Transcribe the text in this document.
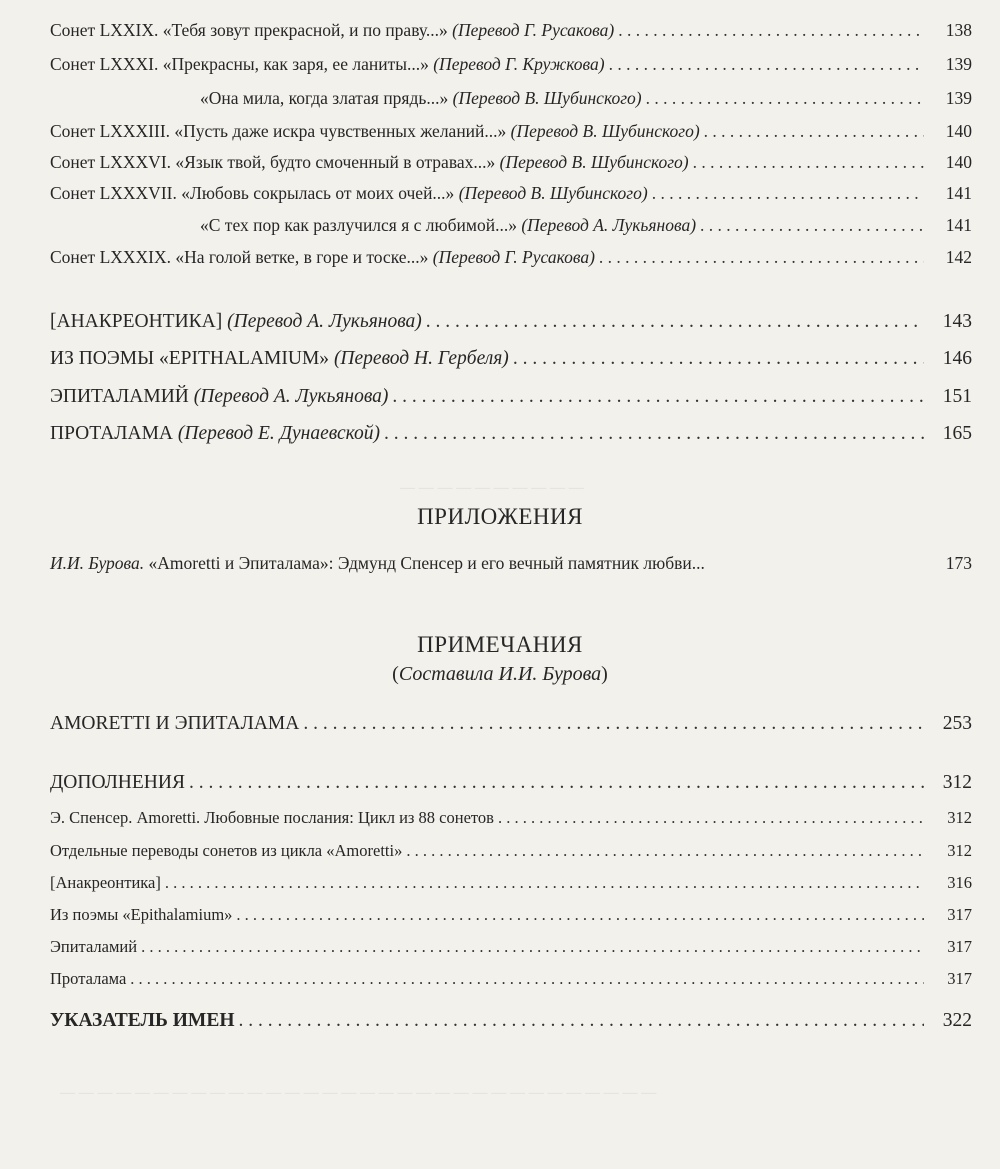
— — — — — — — — — —
— — — — — — — — — — — — — — — — — — — — — — — — — — — — — — — —
Сонет LXXIX. «Тебя зовут прекрасной, и по праву...» (Перевод Г. Русакова) . . .	138
Сонет LXXXI. «Прекрасны, как заря, ее ланиты...» (Перевод Г. Кружкова) . . .	139
«Она мила, когда златая прядь...» (Перевод В. Шубинского) . . .	139
Сонет LXXXIII. «Пусть даже искра чувственных желаний...» (Перевод В. Шубинского) . . .	140
Сонет LXXXVI. «Язык твой, будто смоченный в отравах...» (Перевод В. Шубинского) . . .	140
Сонет LXXXVII. «Любовь сокрылась от моих очей...» (Перевод В. Шубинского) . . .	141
«С тех пор как разлучился я с любимой...» (Перевод А. Лукьянова) . . .	141
Сонет LXXXIX. «На голой ветке, в горе и тоске...» (Перевод Г. Русакова) . . .	142
[АНАКРЕОНТИКА] (Перевод А. Лукьянова) . . .	143
ИЗ ПОЭМЫ «EPITHALAMIUM» (Перевод Н. Гербеля) . . .	146
ЭПИТАЛАМИЙ (Перевод А. Лукьянова) . . .	151
ПРОТАЛАМА (Перевод Е. Дунаевской) . . .	165
ПРИЛОЖЕНИЯ
И.И. Бурова. «Amoretti и Эпиталама»: Эдмунд Спенсер и его вечный памятник любви...	173
ПРИМЕЧАНИЯ
(Составила И.И. Бурова)
AMORETTI И ЭПИТАЛАМА . . .	253
ДОПОЛНЕНИЯ . . .	312
Э. Спенсер. Amoretti. Любовные послания: Цикл из 88 сонетов . . .	312
Отдельные переводы сонетов из цикла «Amoretti» . . .	312
[Анакреонтика] . . .	316
Из поэмы «Epithalamium» . . .	317
Эпиталамий . . .	317
Проталама . . .	317
УКАЗАТЕЛЬ ИМЕН . . .	322
